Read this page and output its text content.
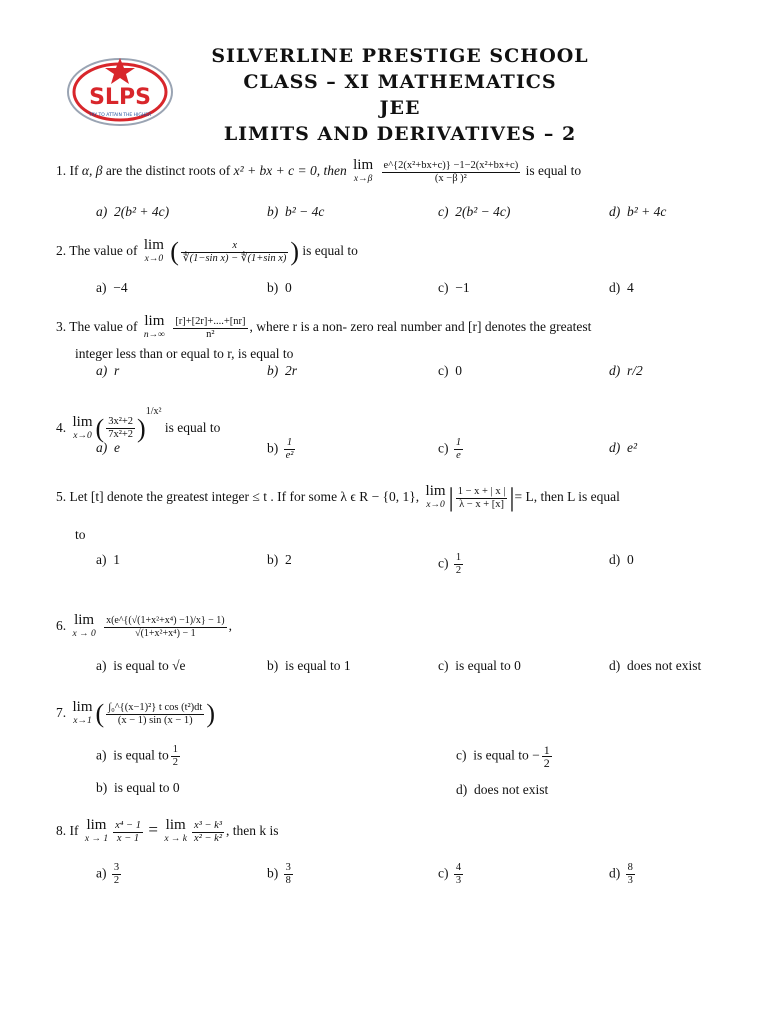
SLPS
TRY TO ATTAIN THE HIGHER
SILVERLINE PRESTIGE SCHOOL
CLASS – XI MATHEMATICS
JEE
LIMITS AND DERIVATIVES – 2
1. If α, β are the distinct roots of x² + bx + c = 0, then lim
x→β
$\frac{\text{e\textasciicircum{}\{2(x²+bx+c)\} −1−2(x²+bx+c)}}{\text{(x −β )²}}$ is equal to
a) 2(b² + 4c)	b) b² − 4c	c) 2(b² − 4c)	d) b² + 4c
2. The value of lim
x→0 ( $\frac{x}{\text{∜(1−sin x) − ∜(1+sin x)}}$ ) is equal to
a) −4	b) 0	c) −1	d) 4
3. The value of lim
n→∞
$\frac{[r]+[2r]+....+[nr]}{\text{n²}}$ , where r is a non- zero real number and [r] denotes the greatest
integer less than or equal to r, is equal to
a) r	b) 2r	c) 0	d) r/2
4. lim
x→0 ( $\frac{\text{3x²+2}}{\text{7x²+2}} )^{1/x^2}$ is equal to
a) e	$b) \frac{1}{\text{e²}}$	$c) \frac{1}{e}$	d) e²
5. Let [t] denote the greatest integer ≤ t . If for some λ ϵ R − {0, 1}, lim
x→0 | $\frac{1 - x + | x |}{\lambda - x + [x]}$ |= L, then L is equal
to
a) 1	b) 2	$c) \frac{1}{2}$	d) 0
6. lim
x → 0
$\frac{\text{x(e\textasciicircum{}\{(√(1+x²+x⁴) −1)/x\} − 1)}}{\text{√(1+x²+x⁴) − 1}}$ ,
a) is equal to √e	b) is equal to 1	c) is equal to 0	d) does not exist
7. lim
x→1 ( $\frac{\text{∫₀\textasciicircum{}\{(x−1)²\} t cos (t²)dt}}{(x - 1) \sin (x - 1)}$ )
a) is equal to $\frac{1}{2}$	c) is equal to − $\frac{1}{2}$
b) is equal to 0	d) does not exist
8. If lim
$x \to 1 \frac{\text{x⁴ − 1}}{x - 1} = \lim$
x → k $\frac{\text{x³ − k³}}{\text{x² − k²}}$ , then k is
$a) \frac{3}{2}$	$b) \frac{3}{8}$	$c) \frac{4}{3}$	$d) \frac{8}{3}$
